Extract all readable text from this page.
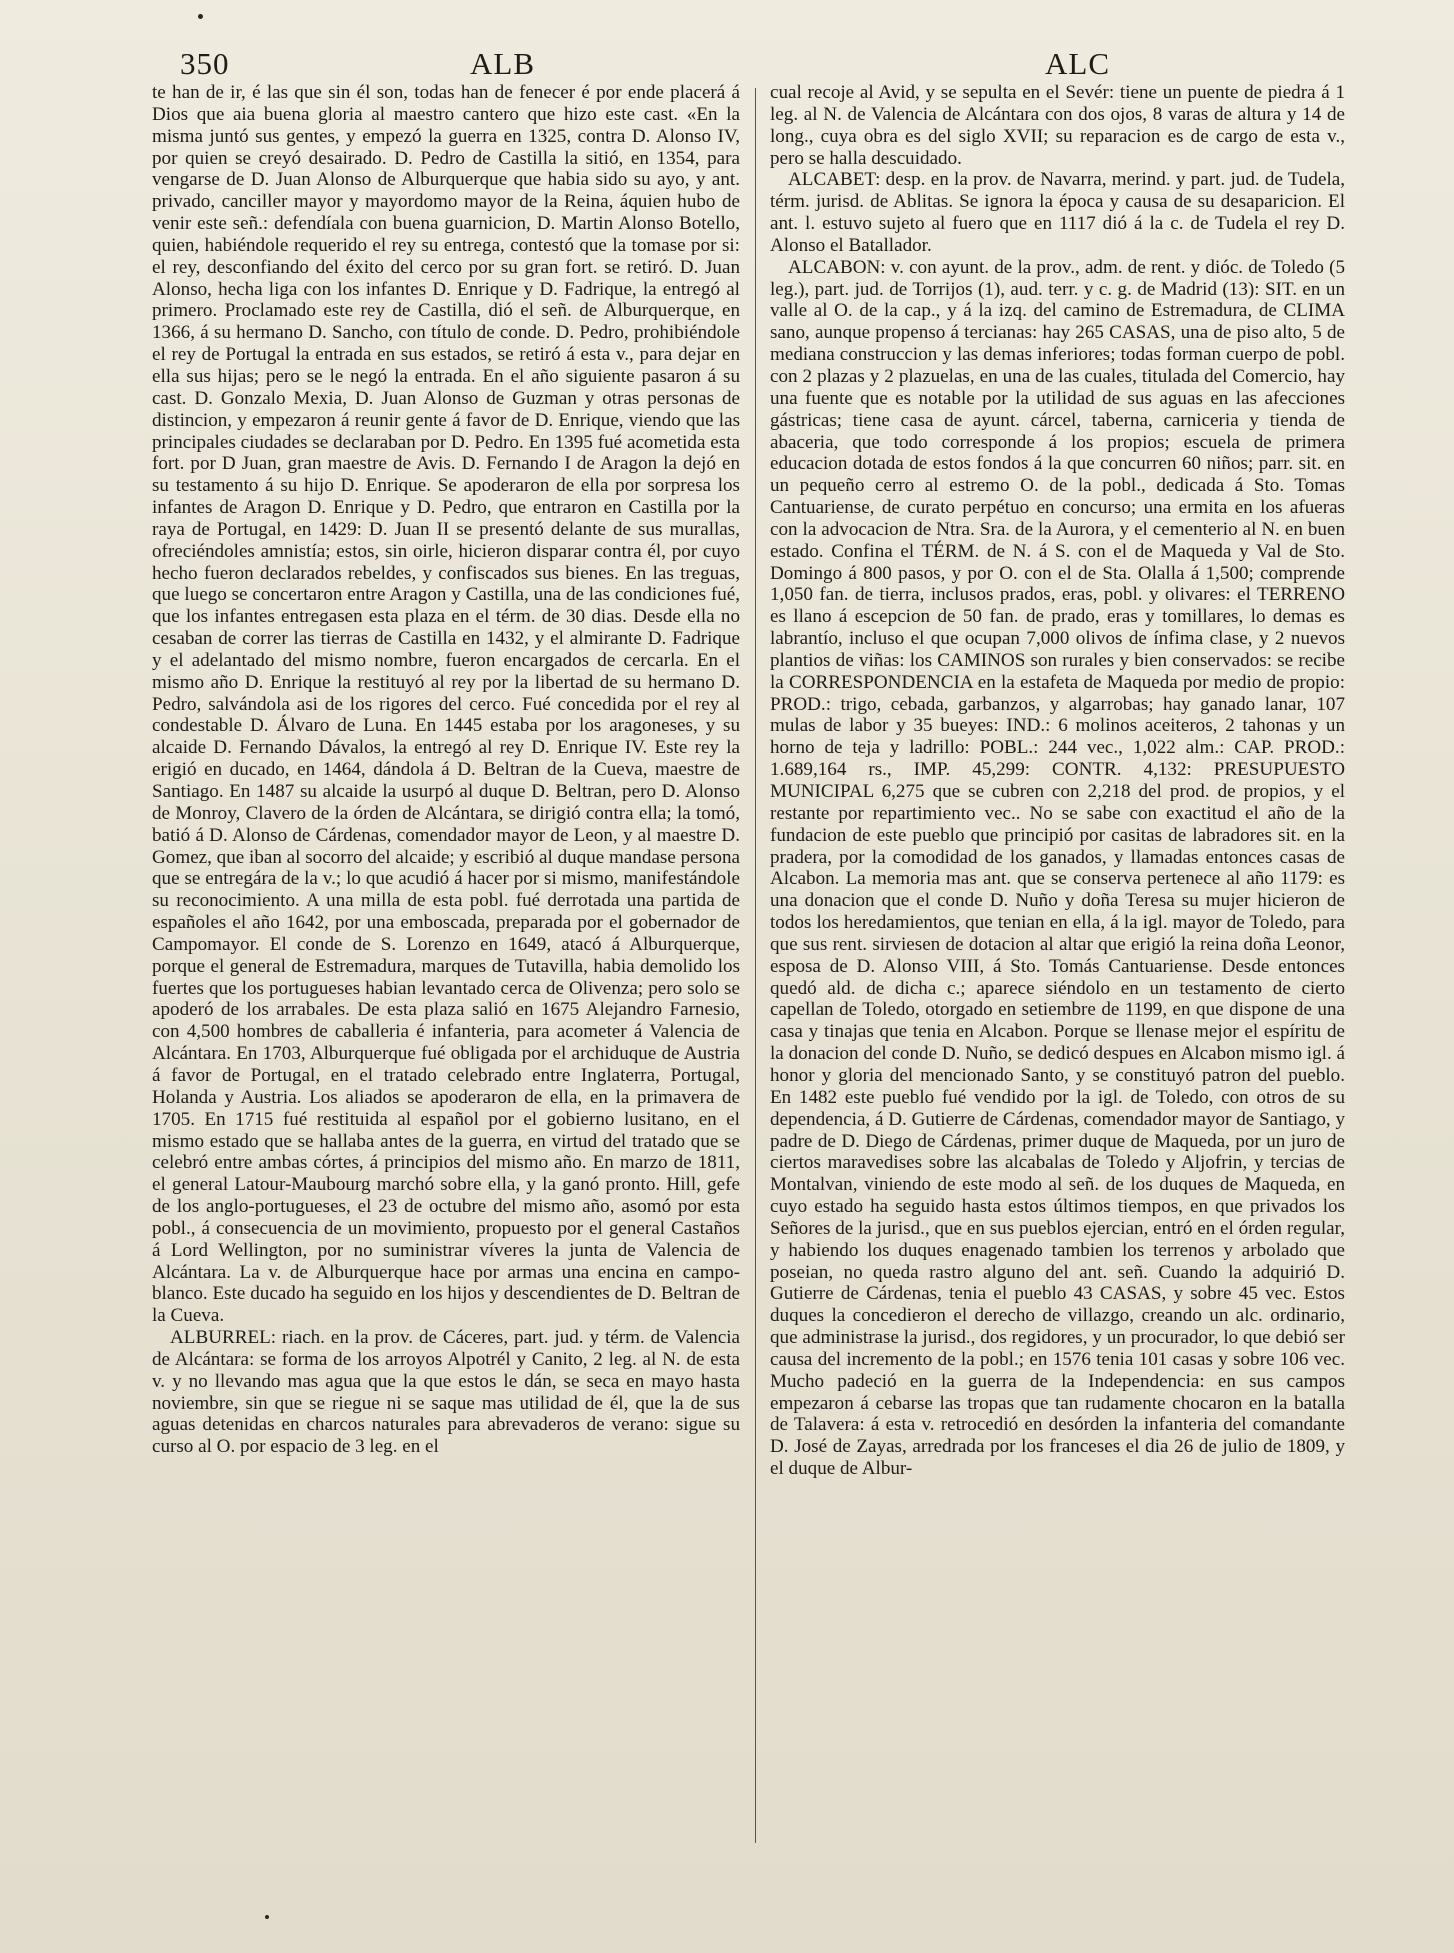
350	ALB	ALC

te han de ir, é las que sin él son, todas han de fenecer é por ende placerá á Dios que aia buena gloria al maestro cantero que hizo este cast. «En la misma juntó sus gentes, y empezó la guerra en 1325, contra D. Alonso IV, por quien se creyó desairado. D. Pedro de Castilla la sitió, en 1354, para vengarse de D. Juan Alonso de Alburquerque que habia sido su ayo, y ant. privado, canciller mayor y mayordomo mayor de la Reina, áquien hubo de venir este señ.: defendíala con buena guarnicion, D. Martin Alonso Botello, quien, habiéndole requerido el rey su entrega, contestó que la tomase por si: el rey, desconfiando del éxito del cerco por su gran fort. se retiró. D. Juan Alonso, hecha liga con los infantes D. Enrique y D. Fadrique, la entregó al primero. Proclamado este rey de Castilla, dió el señ. de Alburquerque, en 1366, á su hermano D. Sancho, con título de conde. D. Pedro, prohibiéndole el rey de Portugal la entrada en sus estados, se retiró á esta v., para dejar en ella sus hijas; pero se le negó la entrada. En el año siguiente pasaron á su cast. D. Gonzalo Mexia, D. Juan Alonso de Guzman y otras personas de distincion, y empezaron á reunir gente á favor de D. Enrique, viendo que las principales ciudades se declaraban por D. Pedro. En 1395 fué acometida esta fort. por D Juan, gran maestre de Avis. D. Fernando I de Aragon la dejó en su testamento á su hijo D. Enrique. Se apoderaron de ella por sorpresa los infantes de Aragon D. Enrique y D. Pedro, que entraron en Castilla por la raya de Portugal, en 1429: D. Juan II se presentó delante de sus murallas, ofreciéndoles amnistía; estos, sin oirle, hicieron disparar contra él, por cuyo hecho fueron declarados rebeldes, y confiscados sus bienes. En las treguas, que luego se concertaron entre Aragon y Castilla, una de las condiciones fué, que los infantes entregasen esta plaza en el térm. de 30 dias. Desde ella no cesaban de correr las tierras de Castilla en 1432, y el almirante D. Fadrique y el adelantado del mismo nombre, fueron encargados de cercarla. En el mismo año D. Enrique la restituyó al rey por la libertad de su hermano D. Pedro, salvándola asi de los rigores del cerco. Fué concedida por el rey al condestable D. Álvaro de Luna. En 1445 estaba por los aragoneses, y su alcaide D. Fernando Dávalos, la entregó al rey D. Enrique IV. Este rey la erigió en ducado, en 1464, dándola á D. Beltran de la Cueva, maestre de Santiago. En 1487 su alcaide la usurpó al duque D. Beltran, pero D. Alonso de Monroy, Clavero de la órden de Alcántara, se dirigió contra ella; la tomó, batió á D. Alonso de Cárdenas, comendador mayor de Leon, y al maestre D. Gomez, que iban al socorro del alcaide; y escribió al duque mandase persona que se entregára de la v.; lo que acudió á hacer por si mismo, manifestándole su reconocimiento. A una milla de esta pobl. fué derrotada una partida de españoles el año 1642, por una emboscada, preparada por el gobernador de Campomayor. El conde de S. Lorenzo en 1649, atacó á Alburquerque, porque el general de Estremadura, marques de Tutavilla, habia demolido los fuertes que los portugueses habian levantado cerca de Olivenza; pero solo se apoderó de los arrabales. De esta plaza salió en 1675 Alejandro Farnesio, con 4,500 hombres de caballeria é infanteria, para acometer á Valencia de Alcántara. En 1703, Alburquerque fué obligada por el archiduque de Austria á favor de Portugal, en el tratado celebrado entre Inglaterra, Portugal, Holanda y Austria. Los aliados se apoderaron de ella, en la primavera de 1705. En 1715 fué restituida al español por el gobierno lusitano, en el mismo estado que se hallaba antes de la guerra, en virtud del tratado que se celebró entre ambas córtes, á principios del mismo año. En marzo de 1811, el general Latour-Maubourg marchó sobre ella, y la ganó pronto. Hill, gefe de los anglo-portugueses, el 23 de octubre del mismo año, asomó por esta pobl., á consecuencia de un movimiento, propuesto por el general Castaños á Lord Wellington, por no suministrar víveres la junta de Valencia de Alcántara. La v. de Alburquerque hace por armas una encina en campo-blanco. Este ducado ha seguido en los hijos y descendientes de D. Beltran de la Cueva.

ALBURREL: riach. en la prov. de Cáceres, part. jud. y térm. de Valencia de Alcántara: se forma de los arroyos Alpotrél y Canito, 2 leg. al N. de esta v. y no llevando mas agua que la que estos le dán, se seca en mayo hasta noviembre, sin que se riegue ni se saque mas utilidad de él, que la de sus aguas detenidas en charcos naturales para abrevaderos de verano: sigue su curso al O. por espacio de 3 leg. en el

cual recoje al Avid, y se sepulta en el Sevér: tiene un puente de piedra á 1 leg. al N. de Valencia de Alcántara con dos ojos, 8 varas de altura y 14 de long., cuya obra es del siglo XVII; su reparacion es de cargo de esta v., pero se halla descuidado.

ALCABET: desp. en la prov. de Navarra, merind. y part. jud. de Tudela, térm. jurisd. de Ablitas. Se ignora la época y causa de su desaparicion. El ant. l. estuvo sujeto al fuero que en 1117 dió á la c. de Tudela el rey D. Alonso el Batallador.

ALCABON: v. con ayunt. de la prov., adm. de rent. y dióc. de Toledo (5 leg.), part. jud. de Torrijos (1), aud. terr. y c. g. de Madrid (13): SIT. en un valle al O. de la cap., y á la izq. del camino de Estremadura, de CLIMA sano, aunque propenso á tercianas: hay 265 CASAS, una de piso alto, 5 de mediana construccion y las demas inferiores; todas forman cuerpo de pobl. con 2 plazas y 2 plazuelas, en una de las cuales, titulada del Comercio, hay una fuente que es notable por la utilidad de sus aguas en las afecciones gástricas; tiene casa de ayunt. cárcel, taberna, carniceria y tienda de abaceria, que todo corresponde á los propios; escuela de primera educacion dotada de estos fondos á la que concurren 60 niños; parr. sit. en un pequeño cerro al estremo O. de la pobl., dedicada á Sto. Tomas Cantuariense, de curato perpétuo en concurso; una ermita en los afueras con la advocacion de Ntra. Sra. de la Aurora, y el cementerio al N. en buen estado. Confina el TÉRM. de N. á S. con el de Maqueda y Val de Sto. Domingo á 800 pasos, y por O. con el de Sta. Olalla á 1,500; comprende 1,050 fan. de tierra, inclusos prados, eras, pobl. y olivares: el TERRENO es llano á escepcion de 50 fan. de prado, eras y tomillares, lo demas es labrantío, incluso el que ocupan 7,000 olivos de ínfima clase, y 2 nuevos plantios de viñas: los CAMINOS son rurales y bien conservados: se recibe la CORRESPONDENCIA en la estafeta de Maqueda por medio de propio: PROD.: trigo, cebada, garbanzos, y algarrobas; hay ganado lanar, 107 mulas de labor y 35 bueyes: IND.: 6 molinos aceiteros, 2 tahonas y un horno de teja y ladrillo: POBL.: 244 vec., 1,022 alm.: CAP. PROD.: 1.689,164 rs., IMP. 45,299: CONTR. 4,132: PRESUPUESTO MUNICIPAL 6,275 que se cubren con 2,218 del prod. de propios, y el restante por repartimiento vec.. No se sabe con exactitud el año de la fundacion de este pueblo que principió por casitas de labradores sit. en la pradera, por la comodidad de los ganados, y llamadas entonces casas de Alcabon. La memoria mas ant. que se conserva pertenece al año 1179: es una donacion que el conde D. Nuño y doña Teresa su mujer hicieron de todos los heredamientos, que tenian en ella, á la igl. mayor de Toledo, para que sus rent. sirviesen de dotacion al altar que erigió la reina doña Leonor, esposa de D. Alonso VIII, á Sto. Tomás Cantuariense. Desde entonces quedó ald. de dicha c.; aparece siéndolo en un testamento de cierto capellan de Toledo, otorgado en setiembre de 1199, en que dispone de una casa y tinajas que tenia en Alcabon. Porque se llenase mejor el espíritu de la donacion del conde D. Nuño, se dedicó despues en Alcabon mismo igl. á honor y gloria del mencionado Santo, y se constituyó patron del pueblo. En 1482 este pueblo fué vendido por la igl. de Toledo, con otros de su dependencia, á D. Gutierre de Cárdenas, comendador mayor de Santiago, y padre de D. Diego de Cárdenas, primer duque de Maqueda, por un juro de ciertos maravedises sobre las alcabalas de Toledo y Aljofrin, y tercias de Montalvan, viniendo de este modo al señ. de los duques de Maqueda, en cuyo estado ha seguido hasta estos últimos tiempos, en que privados los Señores de la jurisd., que en sus pueblos ejercian, entró en el órden regular, y habiendo los duques enagenado tambien los terrenos y arbolado que poseian, no queda rastro alguno del ant. señ. Cuando la adquirió D. Gutierre de Cárdenas, tenia el pueblo 43 CASAS, y sobre 45 vec. Estos duques la concedieron el derecho de villazgo, creando un alc. ordinario, que administrase la jurisd., dos regidores, y un procurador, lo que debió ser causa del incremento de la pobl.; en 1576 tenia 101 casas y sobre 106 vec. Mucho padeció en la guerra de la Independencia: en sus campos empezaron á cebarse las tropas que tan rudamente chocaron en la batalla de Talavera: á esta v. retrocedió en desórden la infanteria del comandante D. José de Zayas, arredrada por los franceses el dia 26 de julio de 1809, y el duque de Albur-
